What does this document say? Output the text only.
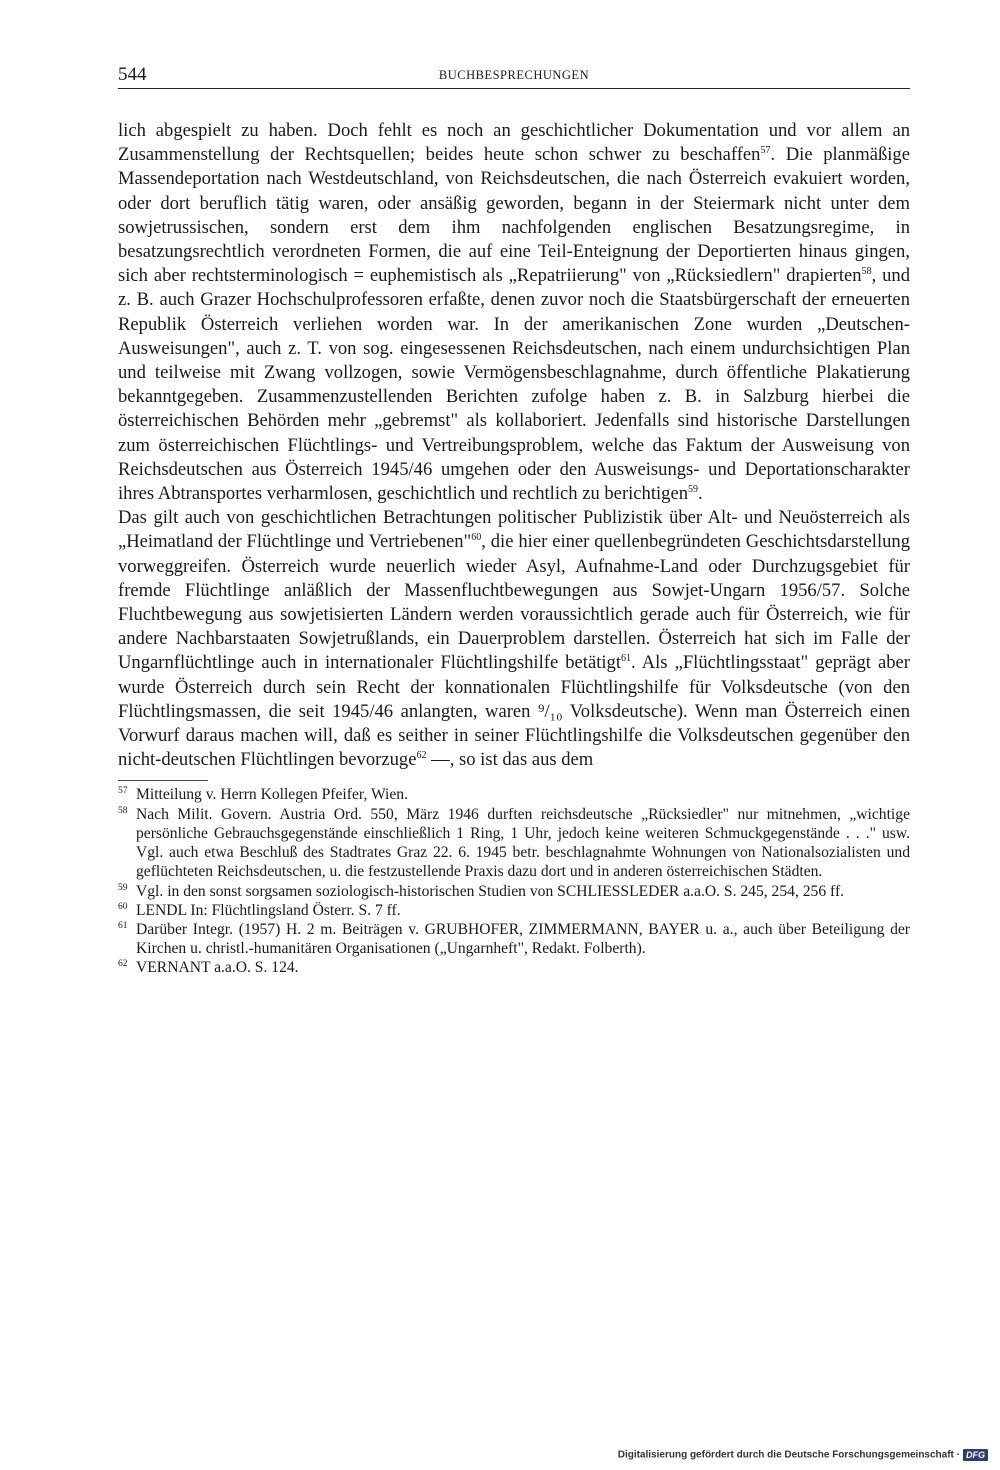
544	BUCHBESPRECHUNGEN

lich abgespielt zu haben. Doch fehlt es noch an geschichtlicher Dokumentation und vor allem an Zusammenstellung der Rechtsquellen; beides heute schon schwer zu beschaffen$^{57}$. Die planmäßige Massendeportation nach Westdeutschland, von Reichsdeutschen, die nach Österreich evakuiert worden, oder dort beruflich tätig waren, oder ansäßig geworden, begann in der Steiermark nicht unter dem sowjetrussischen, sondern erst dem ihm nachfolgenden englischen Besatzungsregime, in besatzungsrechtlich verordneten Formen, die auf eine Teil-Enteignung der Deportierten hinaus gingen, sich aber rechtsterminologisch = euphemistisch als „Repatriierung" von „Rücksiedlern" drapierten$^{58}$, und z. B. auch Grazer Hochschulprofessoren erfaßte, denen zuvor noch die Staatsbürgerschaft der erneuerten Republik Österreich verliehen worden war. In der amerikanischen Zone wurden „Deutschen-Ausweisungen", auch z. T. von sog. eingesessenen Reichsdeutschen, nach einem undurchsichtigen Plan und teilweise mit Zwang vollzogen, sowie Vermögensbeschlagnahme, durch öffentliche Plakatierung bekanntgegeben. Zusammenzustellenden Berichten zufolge haben z. B. in Salzburg hierbei die österreichischen Behörden mehr „gebremst" als kollaboriert. Jedenfalls sind historische Darstellungen zum österreichischen Flüchtlings- und Vertreibungsproblem, welche das Faktum der Ausweisung von Reichsdeutschen aus Österreich 1945/46 umgehen oder den Ausweisungs- und Deportationscharakter ihres Abtransportes verharmlosen, geschichtlich und rechtlich zu berichtigen$^{59}$.

Das gilt auch von geschichtlichen Betrachtungen politischer Publizistik über Alt- und Neuösterreich als „Heimatland der Flüchtlinge und Vertriebenen"$^{60}$, die hier einer quellenbegründeten Geschichtsdarstellung vorweggreifen. Österreich wurde neuerlich wieder Asyl, Aufnahme-Land oder Durchzugsgebiet für fremde Flüchtlinge anläßlich der Massenfluchtbewegungen aus Sowjet-Ungarn 1956/57. Solche Fluchtbewegung aus sowjetisierten Ländern werden voraussichtlich gerade auch für Österreich, wie für andere Nachbarstaaten Sowjetrußlands, ein Dauerproblem darstellen. Österreich hat sich im Falle der Ungarnflüchtlinge auch in internationaler Flüchtlingshilfe betätigt$^{61}$. Als „Flüchtlingsstaat" geprägt aber wurde Österreich durch sein Recht der konnationalen Flüchtlingshilfe für Volksdeutsche (von den Flüchtlingsmassen, die seit 1945/46 anlangten, waren ⁹/₁₀ Volksdeutsche). Wenn man Österreich einen Vorwurf daraus machen will, daß es seither in seiner Flüchtlingshilfe die Volksdeutschen gegenüber den nicht-deutschen Flüchtlingen bevorzuge$^{62}$ —, so ist das aus dem

57 Mitteilung v. Herrn Kollegen Pfeifer, Wien.

58 Nach Milit. Govern. Austria Ord. 550, März 1946 durften reichsdeutsche „Rücksiedler" nur mitnehmen, „wichtige persönliche Gebrauchsgegenstände einschließlich 1 Ring, 1 Uhr, jedoch keine weiteren Schmuckgegenstände . . ." usw. Vgl. auch etwa Beschluß des Stadtrates Graz 22. 6. 1945 betr. beschlagnahmte Wohnungen von Nationalsozialisten und geflüchteten Reichsdeutschen, u. die festzustellende Praxis dazu dort und in anderen österreichischen Städten.

59 Vgl. in den sonst sorgsamen soziologisch-historischen Studien von SCHLIESSLEDER a.a.O. S. 245, 254, 256 ff.

60 LENDL In: Flüchtlingsland Österr. S. 7 ff.

61 Darüber Integr. (1957) H. 2 m. Beiträgen v. GRUBHOFER, ZIMMERMANN, BAYER u. a., auch über Beteiligung der Kirchen u. christl.-humanitären Organisationen („Ungarnheft", Redakt. Folberth).

62 VERNANT a.a.O. S. 124.

Digitalisierung gefördert durch die Deutsche Forschungsgemeinschaft · DFG
